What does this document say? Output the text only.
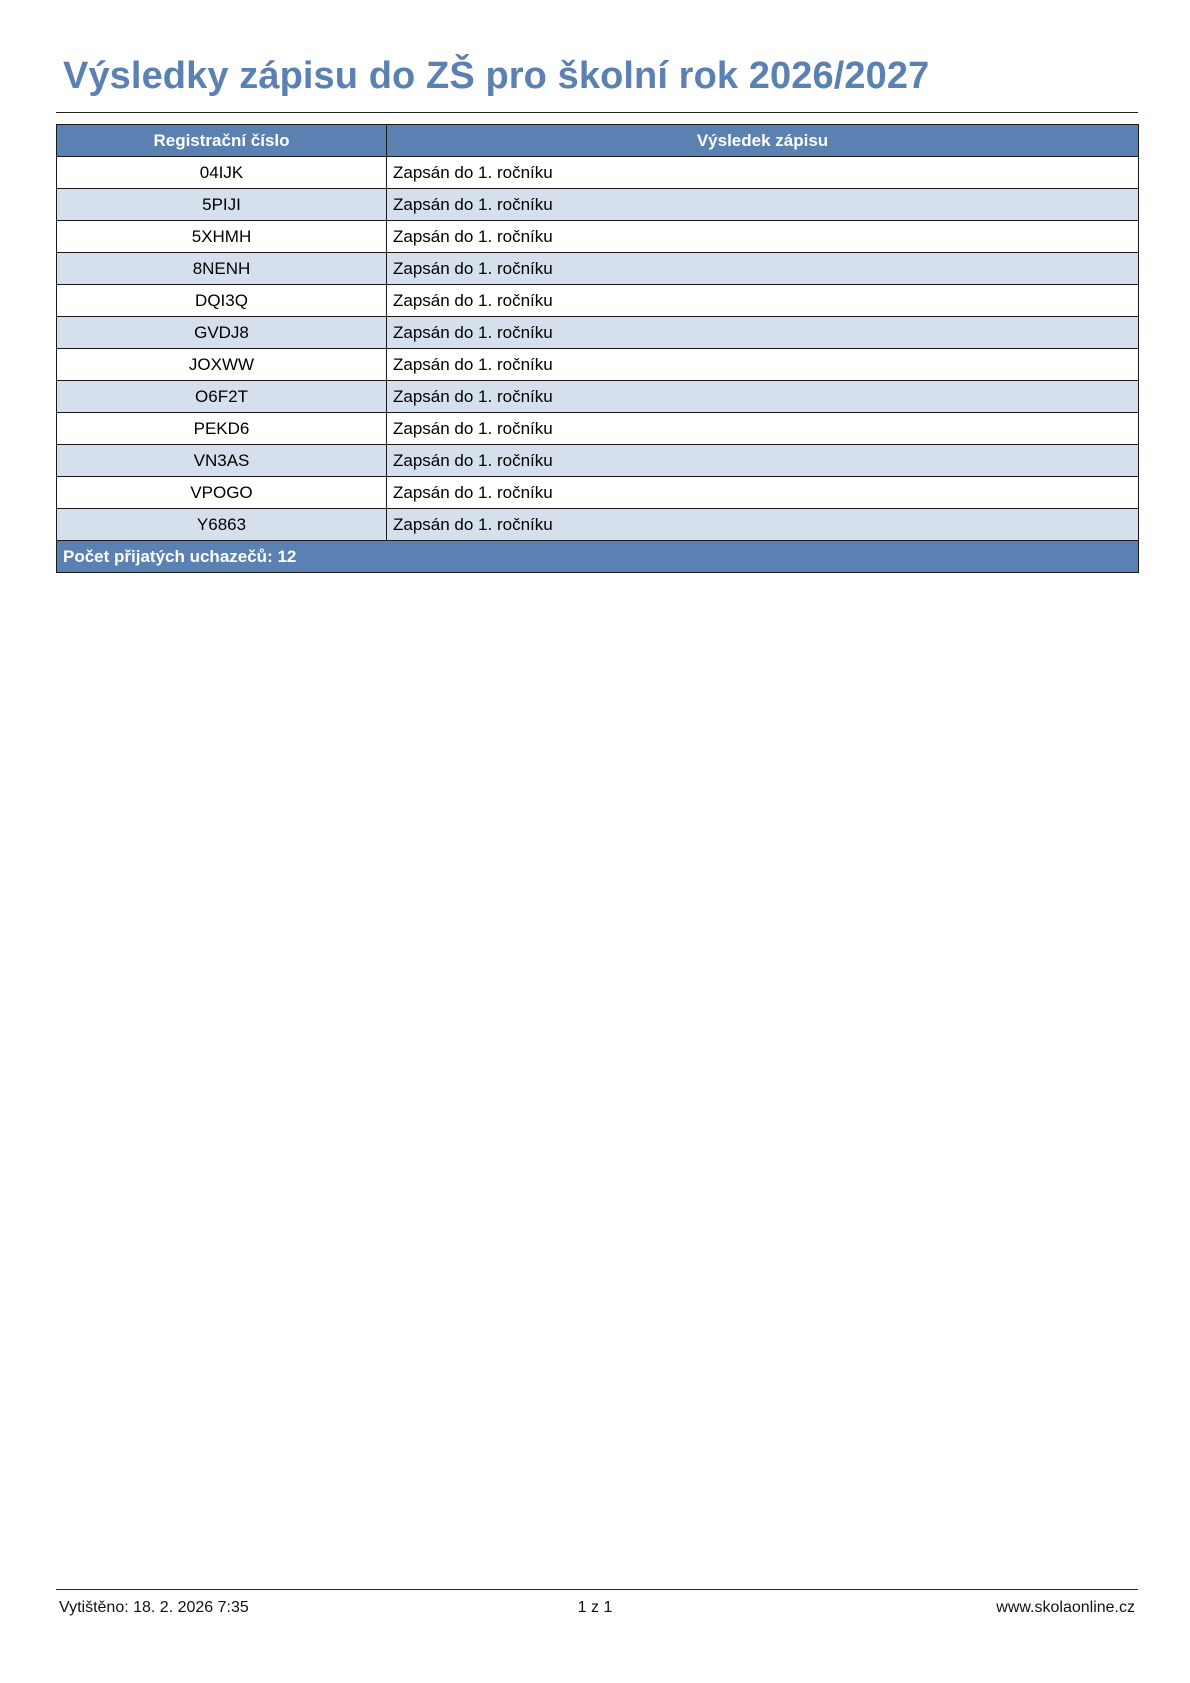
Výsledky zápisu do ZŠ pro školní rok 2026/2027
Registrační číslo	Výsledek zápisu
04IJK	Zapsán do 1. ročníku
5PIJI	Zapsán do 1. ročníku
5XHMH	Zapsán do 1. ročníku
8NENH	Zapsán do 1. ročníku
DQI3Q	Zapsán do 1. ročníku
GVDJ8	Zapsán do 1. ročníku
JOXWW	Zapsán do 1. ročníku
O6F2T	Zapsán do 1. ročníku
PEKD6	Zapsán do 1. ročníku
VN3AS	Zapsán do 1. ročníku
VPOGO	Zapsán do 1. ročníku
Y6863	Zapsán do 1. ročníku
Počet přijatých uchazečů: 12	
Vytištěno: 18. 2. 2026 7:35	1 z 1	www.skolaonline.cz
